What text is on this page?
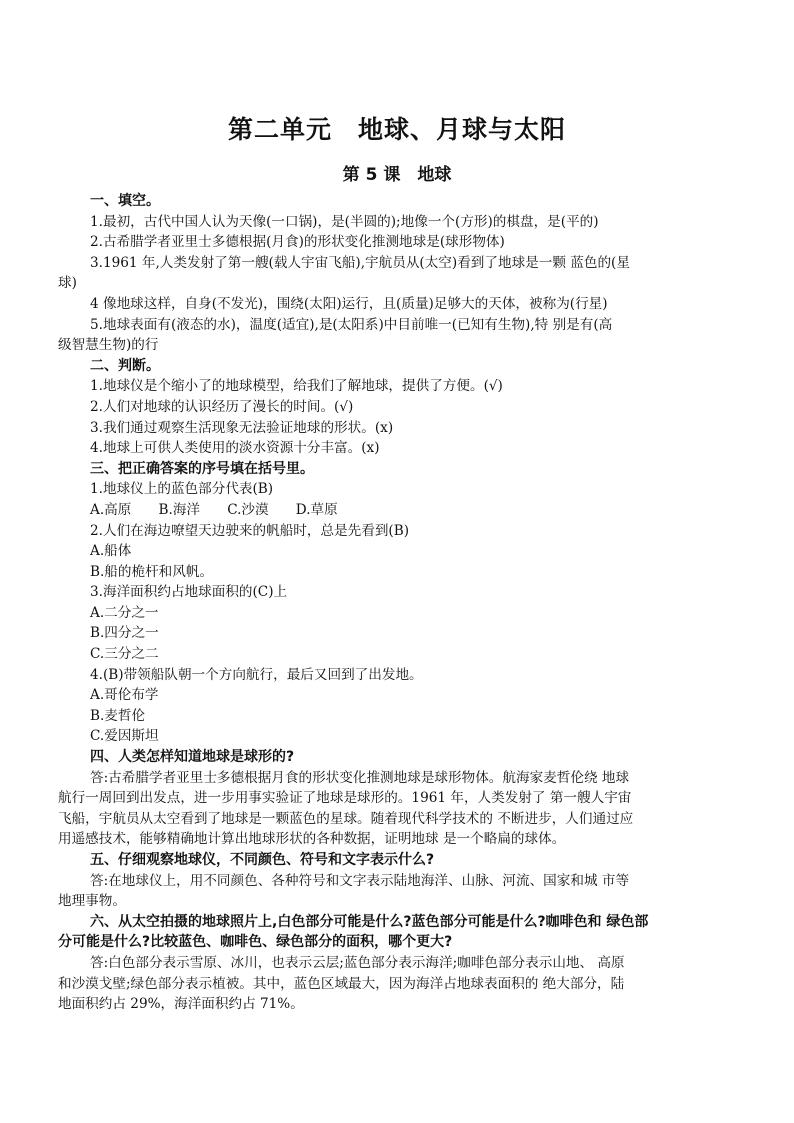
第二单元　地球、月球与太阳
第 5 课　地球

一、填空。

1.最初，古代中国人认为天像(一口锅)，是(半圆的);地像一个(方形)的棋盘，是(平的)

2.古希腊学者亚里士多德根据(月食)的形状变化推测地球是(球形物体)

3.1961 年,人类发射了第一艘(载人宇宙飞船),宇航员从(太空)看到了地球是一颗 蓝色的(星

球)

4 像地球这样，自身(不发光)，围绕(太阳)运行，且(质量)足够大的天体，被称为(行星)

5.地球表面有(液态的水)，温度(适宜),是(太阳系)中目前唯一(已知有生物),特 别是有(高

级智慧生物)的行

二、判断。

1.地球仪是个缩小了的地球模型，给我们了解地球，提供了方便。(√)

2.人们对地球的认识经历了漫长的时间。(√)

3.我们通过观察生活现象无法验证地球的形状。(x)

4.地球上可供人类使用的淡水资源十分丰富。(x)

三、把正确答案的序号填在括号里。

1.地球仪上的蓝色部分代表(B)

A.高原　　B.海洋　　C.沙漠　　D.草原

2.人们在海边嘹望天边驶来的帆船时，总是先看到(B)

A.船体

B.船的桅杆和风帆。

3.海洋面积约占地球面积的(C)上

A.二分之一

B.四分之一

C.三分之二

4.(B)带领船队朝一个方向航行，最后又回到了出发地。

A.哥伦布学

B.麦哲伦

C.爱因斯坦

四、人类怎样知道地球是球形的?

答:古希腊学者亚里士多德根据月食的形状变化推测地球是球形物体。航海家麦哲伦绕 地球

航行一周回到出发点，进一步用事实验证了地球是球形的。1961 年，人类发射了 第一艘人宇宙

飞船，宇航员从太空看到了地球是一颗蓝色的星球。随着现代科学技术的 不断进步，人们通过应

用遥感技术，能够精确地计算出地球形状的各种数据，证明地球 是一个略扁的球体。

五、仔细观察地球仪，不同颜色、符号和文字表示什么?

答:在地球仪上，用不同颜色、各种符号和文字表示陆地海洋、山脉、河流、国家和城 市等

地理事物。

六、从太空拍摄的地球照片上,白色部分可能是什么?蓝色部分可能是什么?咖啡色和 绿色部

分可能是什么?比较蓝色、咖啡色、绿色部分的面积，哪个更大?

答:白色部分表示雪原、冰川，也表示云层;蓝色部分表示海洋;咖啡色部分表示山地、 高原

和沙漠戈壁;绿色部分表示植被。其中，蓝色区域最大，因为海洋占地球表面积的 绝大部分，陆

地面积约占 29%，海洋面积约占 71%。
